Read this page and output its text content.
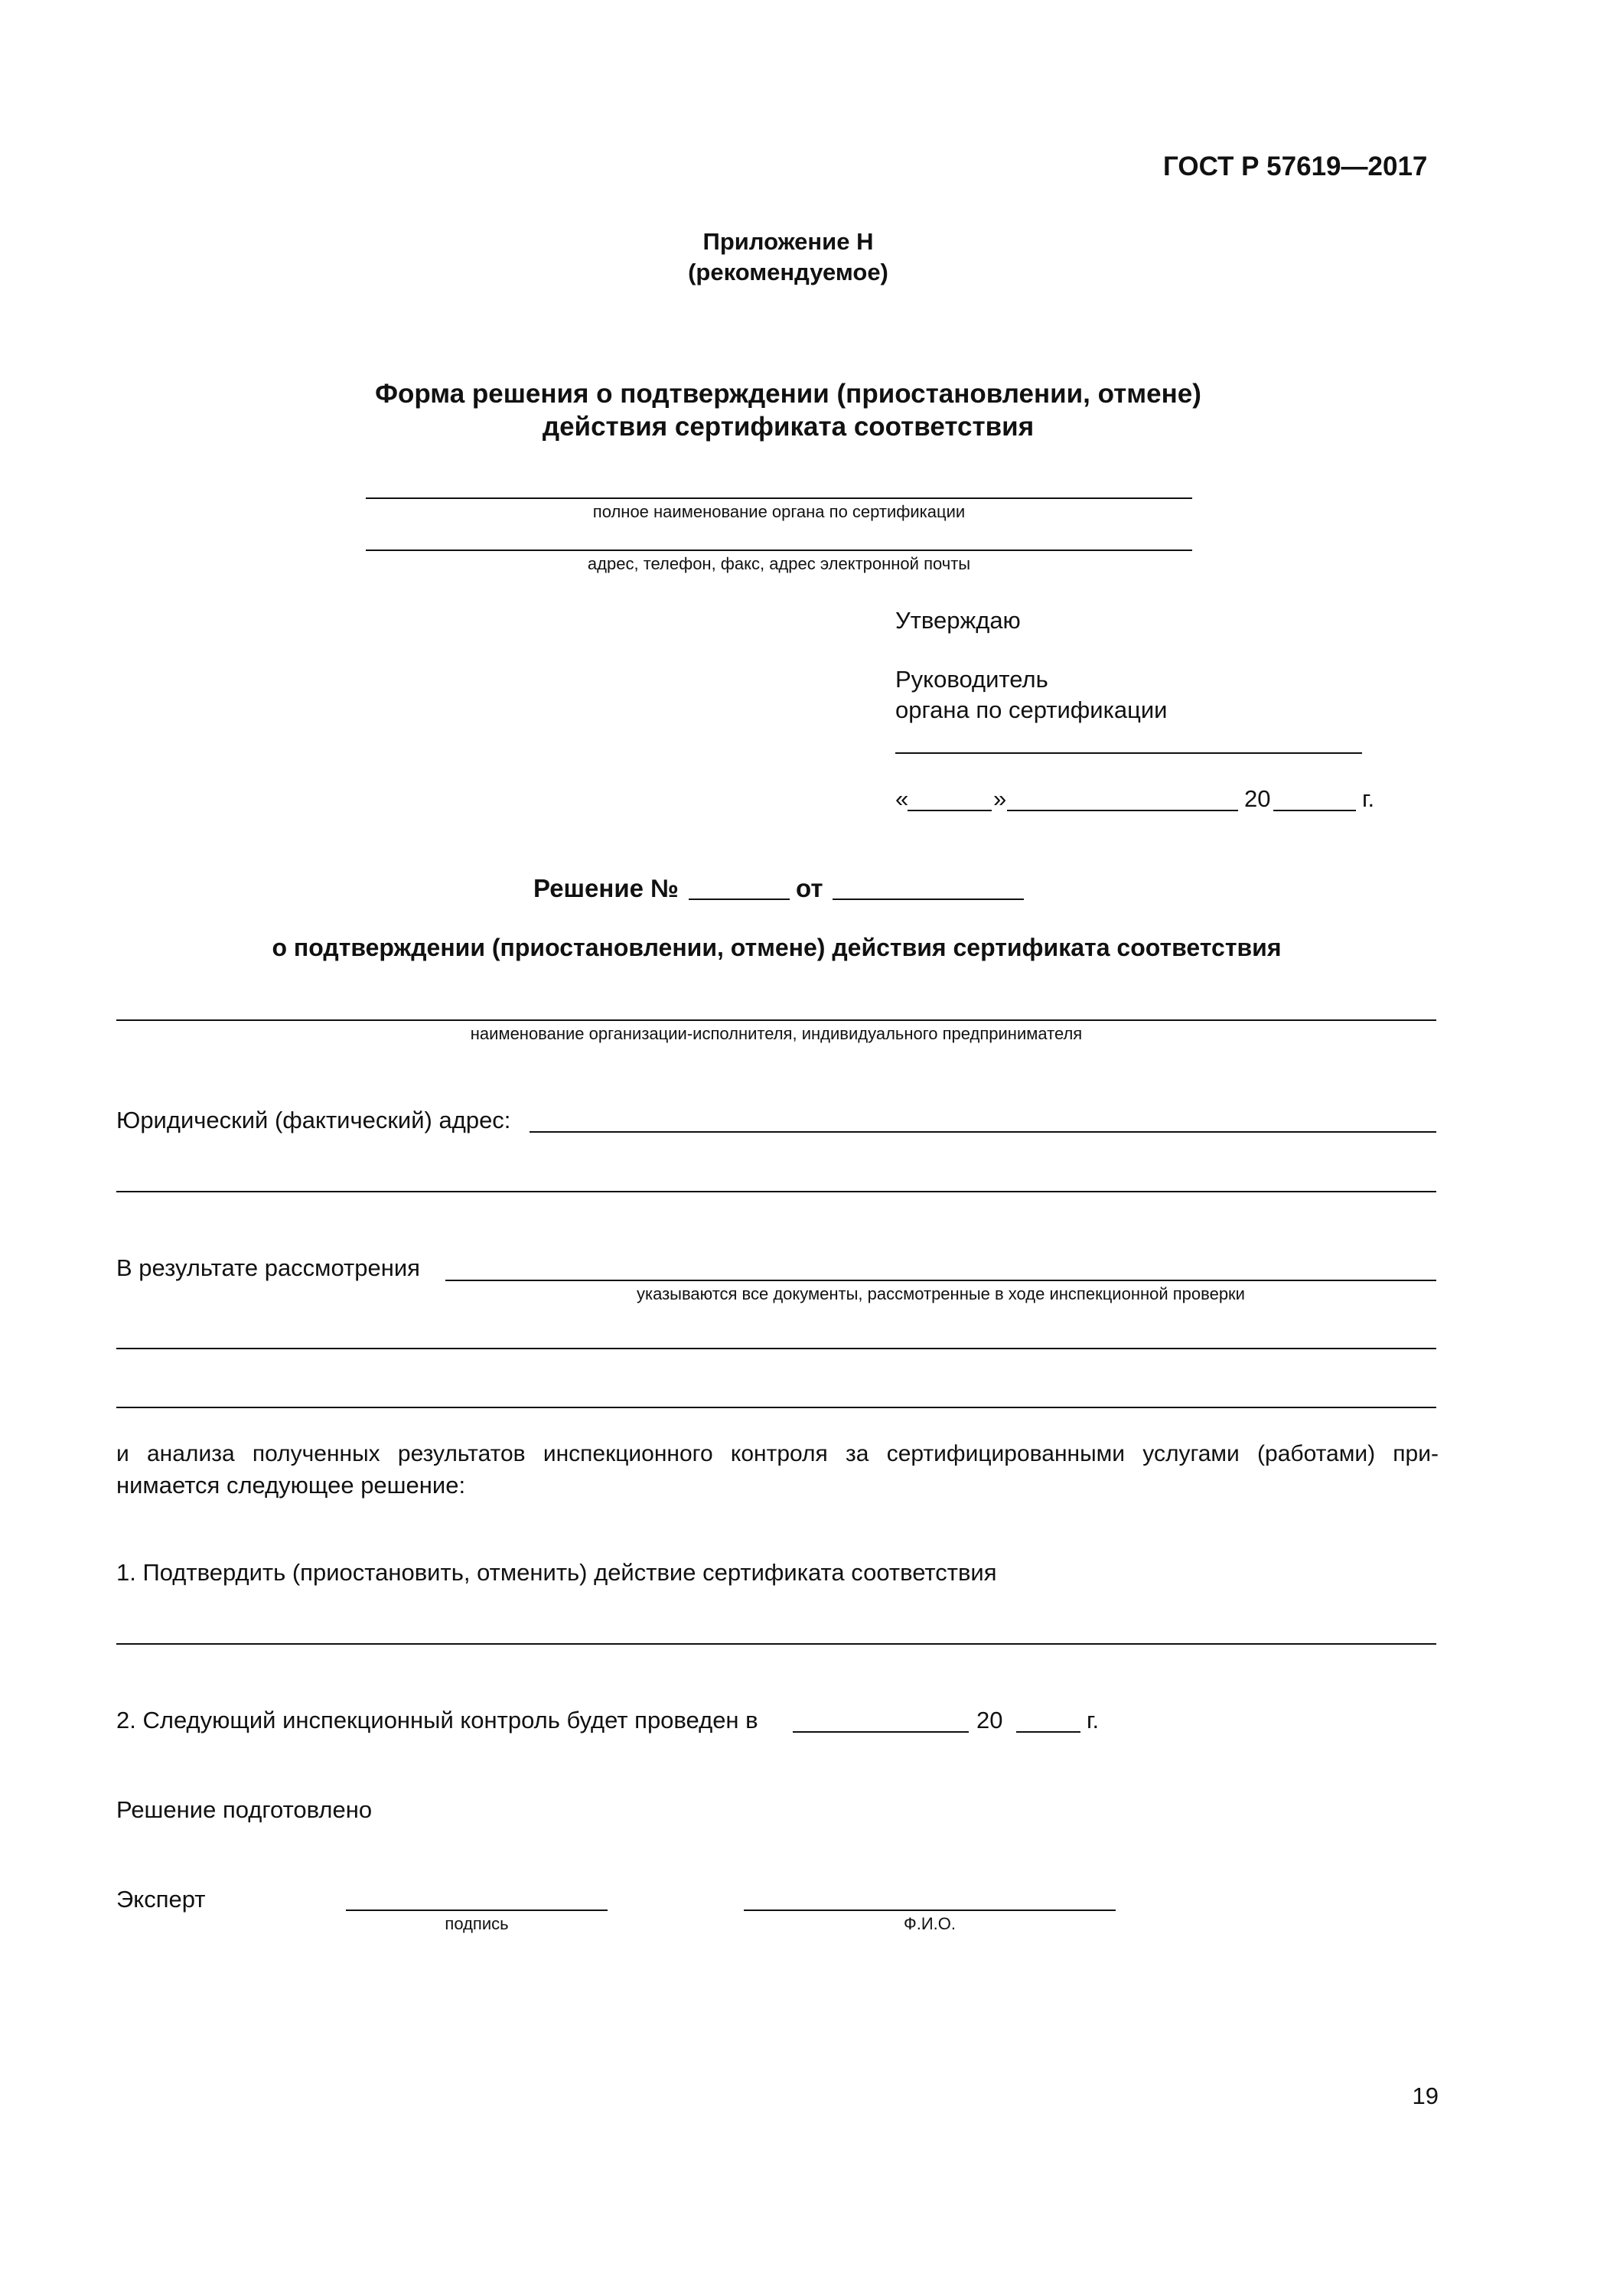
ГОСТ Р 57619—2017
Приложение Н
(рекомендуемое)
Форма решения о подтверждении (приостановлении, отмене)
действия сертификата соответствия
полное наименование органа по сертификации
адрес, телефон, факс, адрес электронной почты
Утверждаю
Руководитель
органа по сертификации
«	»	20	г.
Решение №	от
о подтверждении (приостановлении, отмене) действия сертификата соответствия
наименование организации-исполнителя, индивидуального предпринимателя
Юридический (фактический) адрес:
В результате рассмотрения
указываются все документы, рассмотренные в ходе инспекционной проверки
и анализа полученных результатов инспекционного контроля за сертифицированными услугами (работами) при-
нимается следующее решение:
1. Подтвердить (приостановить, отменить) действие сертификата соответствия
2. Следующий инспекционный контроль будет проведен в	20	г.
Решение подготовлено
Эксперт
подпись	Ф.И.О.
19
